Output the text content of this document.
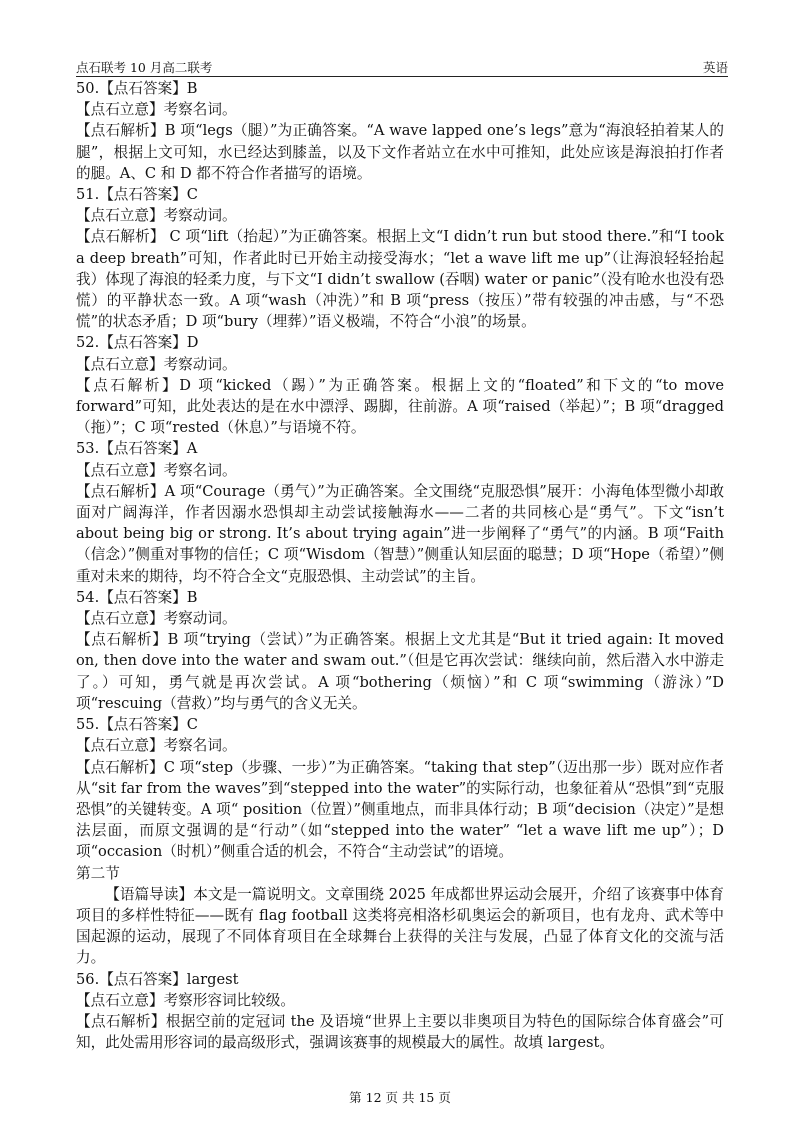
点石联考 10 月高二联考	英语

50.【点石答案】B

【点石立意】考察名词。

【点石解析】B 项“legs（腿）”为正确答案。“A wave lapped one’s legs”意为“海浪轻拍着某人的腿”，根据上文可知，水已经达到膝盖，以及下文作者站立在水中可推知，此处应该是海浪拍打作者的腿。A、C 和 D 都不符合作者描写的语境。

51.【点石答案】C

【点石立意】考察动词。

【点石解析】 C 项“lift（抬起）”为正确答案。根据上文“I didn’t run but stood there.”和“I took a deep breath”可知，作者此时已开始主动接受海水；“let a wave lift me up”（让海浪轻轻抬起我）体现了海浪的轻柔力度，与下文“I didn’t swallow (吞咽) water or panic”（没有呛水也没有恐慌）的平静状态一致。A 项“wash（冲洗）”和 B 项“press（按压）”带有较强的冲击感，与“不恐慌”的状态矛盾；D 项“bury（埋葬）”语义极端，不符合“小浪”的场景。

52.【点石答案】D

【点石立意】考察动词。

【点石解析】D 项“kicked（踢）”为正确答案。根据上文的“floated”和下文的“to move forward”可知，此处表达的是在水中漂浮、踢脚，往前游。A 项“raised（举起）”；B 项“dragged（拖）”；C 项“rested（休息）”与语境不符。

53.【点石答案】A

【点石立意】考察名词。

【点石解析】A 项“Courage（勇气）”为正确答案。全文围绕“克服恐惧”展开：小海龟体型微小却敢面对广阔海洋，作者因溺水恐惧却主动尝试接触海水——二者的共同核心是“勇气”。下文“isn’t about being big or strong. It’s about trying again”进一步阐释了“勇气”的内涵。B 项“Faith（信念）”侧重对事物的信任；C 项“Wisdom（智慧）”侧重认知层面的聪慧；D 项“Hope（希望）”侧重对未来的期待，均不符合全文“克服恐惧、主动尝试”的主旨。

54.【点石答案】B

【点石立意】考察动词。

【点石解析】B 项“trying（尝试）”为正确答案。根据上文尤其是“But it tried again: It moved on, then dove into the water and swam out.”（但是它再次尝试：继续向前，然后潜入水中游走了。）可知，勇气就是再次尝试。A 项“bothering（烦恼）”和 C 项“swimming（游泳）”D 项“rescuing（营救）”均与勇气的含义无关。

55.【点石答案】C

【点石立意】考察名词。

【点石解析】C 项“step（步骤、一步）”为正确答案。“taking that step”（迈出那一步）既对应作者从“sit far from the waves”到“stepped into the water”的实际行动，也象征着从“恐惧”到“克服恐惧”的关键转变。A 项“ position（位置）”侧重地点，而非具体行动；B 项“decision（决定）”是想法层面，而原文强调的是“行动”（如“stepped into the water” “let a wave lift me up”）；D 项“occasion（时机）”侧重合适的机会，不符合“主动尝试”的语境。

第二节

【语篇导读】本文是一篇说明文。文章围绕 2025 年成都世界运动会展开，介绍了该赛事中体育项目的多样性特征——既有 flag football 这类将亮相洛杉矶奥运会的新项目，也有龙舟、武术等中国起源的运动，展现了不同体育项目在全球舞台上获得的关注与发展，凸显了体育文化的交流与活力。

56.【点石答案】largest

【点石立意】考察形容词比较级。

【点石解析】根据空前的定冠词 the 及语境“世界上主要以非奥项目为特色的国际综合体育盛会”可知，此处需用形容词的最高级形式，强调该赛事的规模最大的属性。故填 largest。

第 12 页 共 15 页
